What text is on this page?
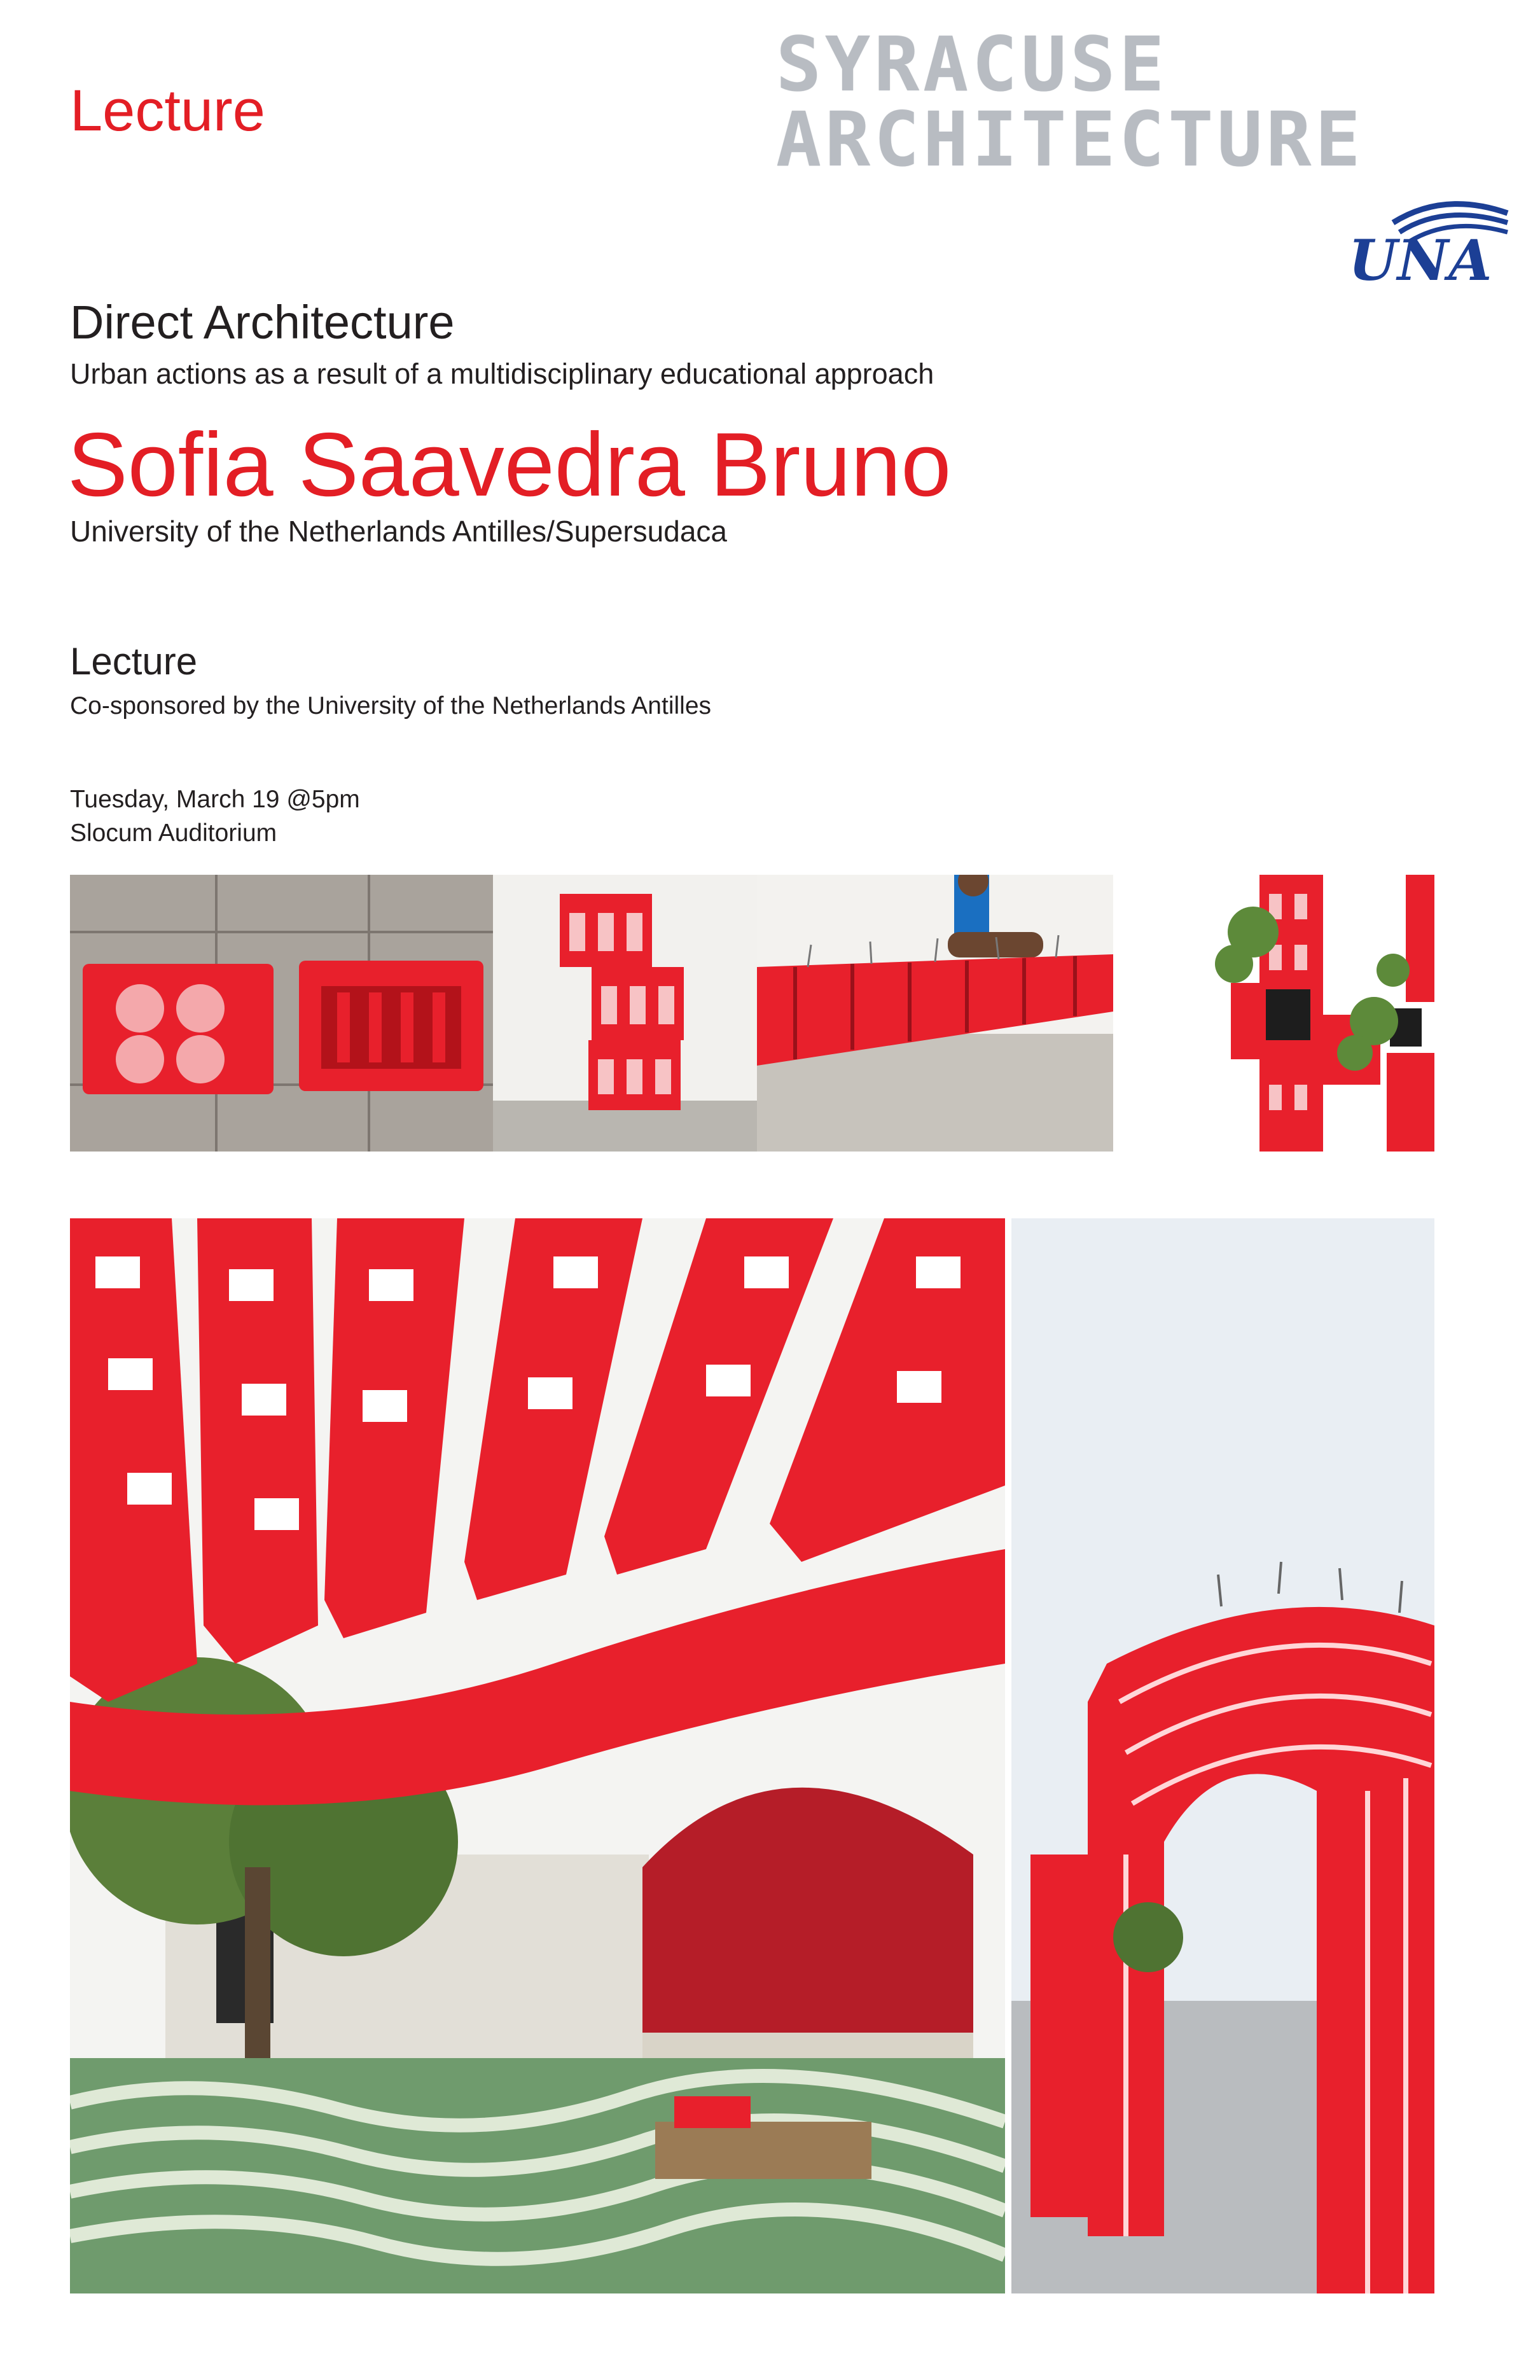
Lecture
SYRACUSE
ARCHITECTURE
UNA
Direct Architecture
Urban actions as a result of a multidisciplinary educational approach
Sofia Saavedra Bruno
University of the Netherlands Antilles/Supersudaca
Lecture
Co-sponsored by the University of the Netherlands Antilles
Tuesday, March 19 @5pm
Slocum Auditorium
